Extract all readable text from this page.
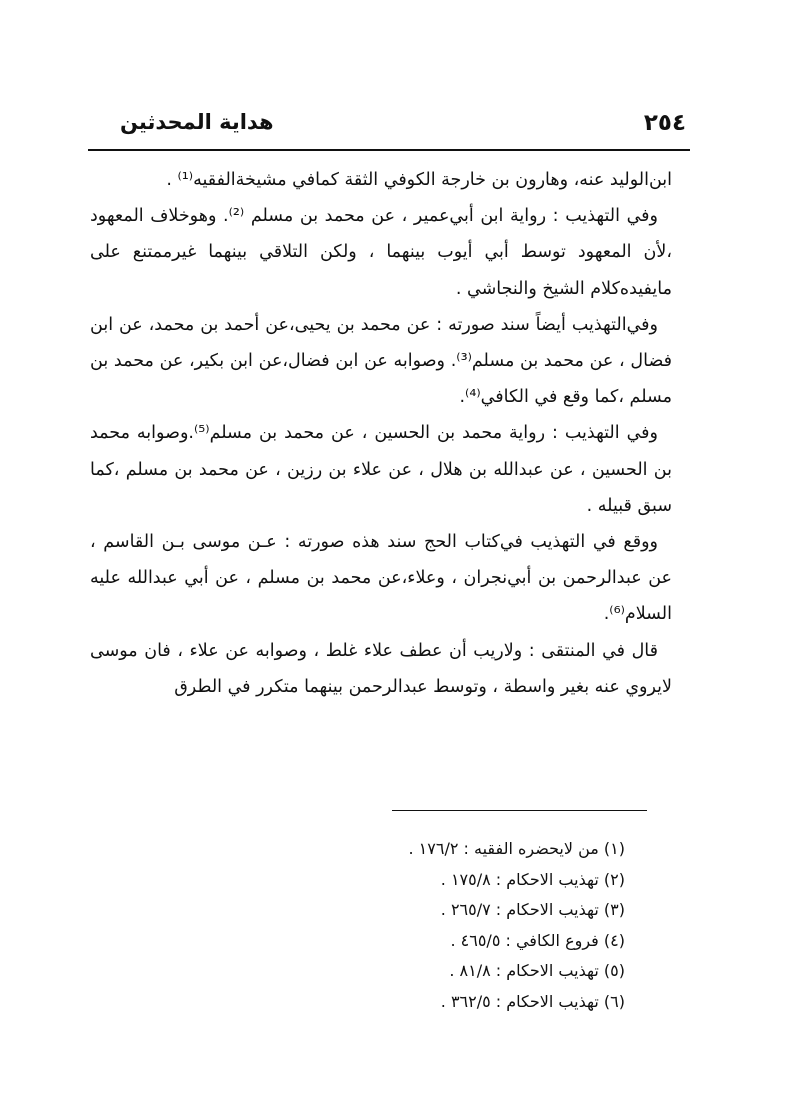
٢٥٤
هداية المحدثين

ابن‌الوليد عنه، وهارون بن خارجة الكوفي الثقة كمافي مشيخةالفقيه⁽¹⁾ .

وفي التهذيب : رواية ابن أبي‌عمير ، عن محمد بن مسلم ⁽²⁾. وهوخلاف المعهود ،لأن المعهود توسط أبي أيوب بينهما ، ولكن التلاقي بينهما غيرممتنع على مايفيده‌كلام الشيخ والنجاشي .

وفي‌التهذيب أيضاً سند صورته : عن محمد بن يحيى،عن أحمد بن محمد، عن ابن فضال ، عن محمد بن مسلم⁽³⁾. وصوابه عن ابن فضال،عن ابن بكير، عن محمد بن مسلم ،كما وقع في الكافي⁽⁴⁾.

وفي التهذيب : رواية محمد بن الحسين ، عن محمد بن مسلم⁽⁵⁾.وصوابه محمد بن الحسين ، عن عبدالله بن هلال ، عن علاء بن رزين ، عن محمد بن مسلم ،كما سبق قبيله .

ووقع في التهذيب في‌كتاب الحج سند هذه صورته : عـن موسى بـن القاسم ، عن عبدالرحمن بن أبي‌نجران ، وعلاء،عن محمد بن مسلم ، عن أبي عبدالله عليه السلام⁽⁶⁾.

قال في المنتقى : ولاريب أن عطف علاء غلط ، وصوابه عن علاء ، فان موسى لايروي عنه بغير واسطة ، وتوسط عبدالرحمن بينهما متكرر في الطرق

(١) من لايحضره الفقيه : ١٧٦/٢ .
(٢) تهذيب الاحكام : ١٧٥/٨ .
(٣) تهذيب الاحكام : ٢٦٥/٧ .
(٤) فروع الكافي : ٤٦٥/٥ .
(٥) تهذيب الاحكام : ٨١/٨ .
(٦) تهذيب الاحكام : ٣٦٢/٥ .
